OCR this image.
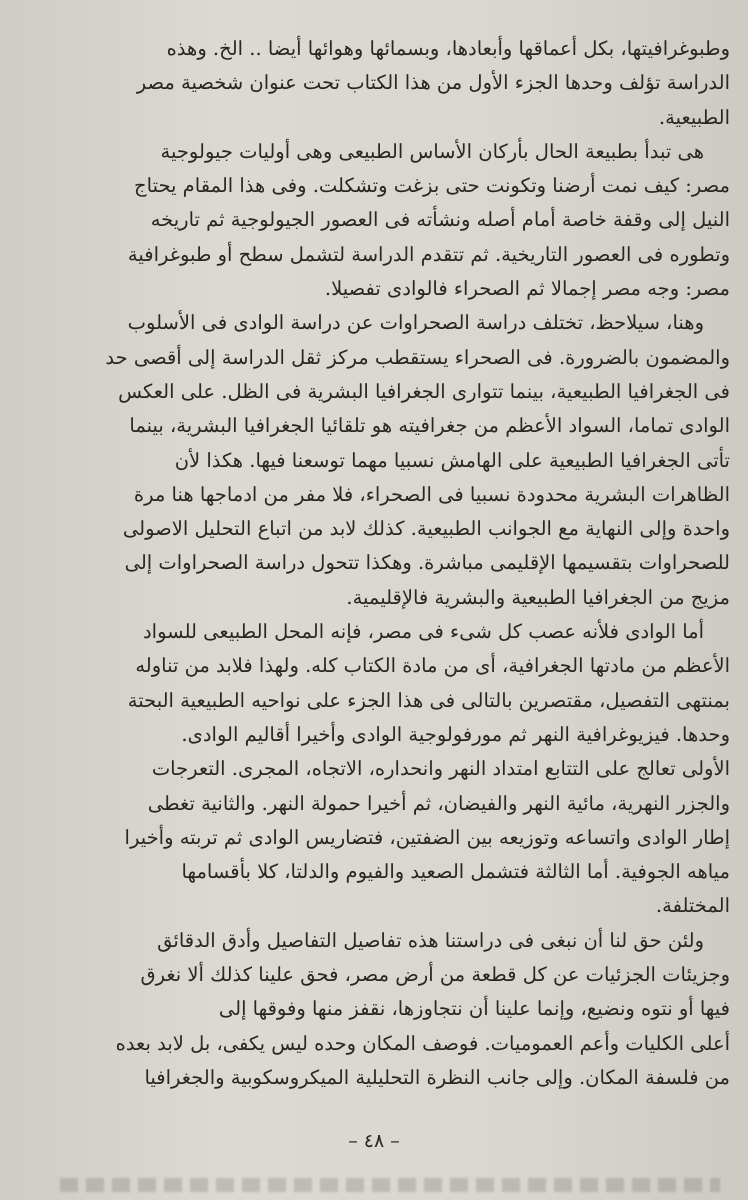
وطبوغرافيتها، بكل أعماقها وأبعادها، وبسمائها وهوائها أيضا .. الخ. وهذه
الدراسة تؤلف وحدها الجزء الأول من هذا الكتاب تحت عنوان شخصية مصر
الطبيعية.
هى تبدأ بطبيعة الحال بأركان الأساس الطبيعى وهى أوليات جيولوجية
مصر: كيف نمت أرضنا وتكونت حتى بزغت وتشكلت. وفى هذا المقام يحتاج
النيل إلى وقفة خاصة أمام أصله ونشأته فى العصور الجيولوجية ثم تاريخه
وتطوره فى العصور التاريخية. ثم تتقدم الدراسة لتشمل سطح أو طبوغرافية
مصر: وجه مصر إجمالا ثم الصحراء فالوادى تفصيلا.
وهنا، سيلاحظ، تختلف دراسة الصحراوات عن دراسة الوادى فى الأسلوب
والمضمون بالضرورة. فى الصحراء يستقطب مركز ثقل الدراسة إلى أقصى حد
فى الجغرافيا الطبيعية، بينما تتوارى الجغرافيا البشرية فى الظل. على العكس
الوادى تماما، السواد الأعظم من جغرافيته هو تلقائيا الجغرافيا البشرية، بينما
تأتى الجغرافيا الطبيعية على الهامش نسبيا مهما توسعنا فيها. هكذا لأن
الظاهرات البشرية محدودة نسبيا فى الصحراء، فلا مفر من ادماجها هنا مرة
واحدة وإلى النهاية مع الجوانب الطبيعية. كذلك لابد من اتباع التحليل الاصولى
للصحراوات بتقسيمها الإقليمى مباشرة. وهكذا تتحول دراسة الصحراوات إلى
مزيج من الجغرافيا الطبيعية والبشرية فالإقليمية.
أما الوادى فلأنه عصب كل شىء فى مصر، فإنه المحل الطبيعى للسواد
الأعظم من مادتها الجغرافية، أى من مادة الكتاب كله. ولهذا فلابد من تناوله
بمنتهى التفصيل، مقتصرين بالتالى فى هذا الجزء على نواحيه الطبيعية البحتة
وحدها. فيزيوغرافية النهر ثم مورفولوجية الوادى وأخيرا أقاليم الوادى.
الأولى تعالج على التتابع امتداد النهر وانحداره، الاتجاه، المجرى. التعرجات
والجزر النهرية، مائية النهر والفيضان، ثم أخيرا حمولة النهر. والثانية تغطى
إطار الوادى واتساعه وتوزيعه بين الضفتين، فتضاريس الوادى ثم تربته وأخيرا
مياهه الجوفية. أما الثالثة فتشمل الصعيد والفيوم والدلتا، كلا بأقسامها
المختلفة.
ولئن حق لنا أن نبغى فى دراستنا هذه تفاصيل التفاصيل وأدق الدقائق
وجزيئات الجزئيات عن كل قطعة من أرض مصر، فحق علينا كذلك ألا نغرق
فيها أو نتوه ونضيع، وإنما علينا أن نتجاوزها، نقفز منها وفوقها إلى
أعلى الكليات وأعم العموميات. فوصف المكان وحده ليس يكفى، بل لابد بعده
من فلسفة المكان. وإلى جانب النظرة التحليلية الميكروسكوبية والجغرافيا
– ٤٨ –
